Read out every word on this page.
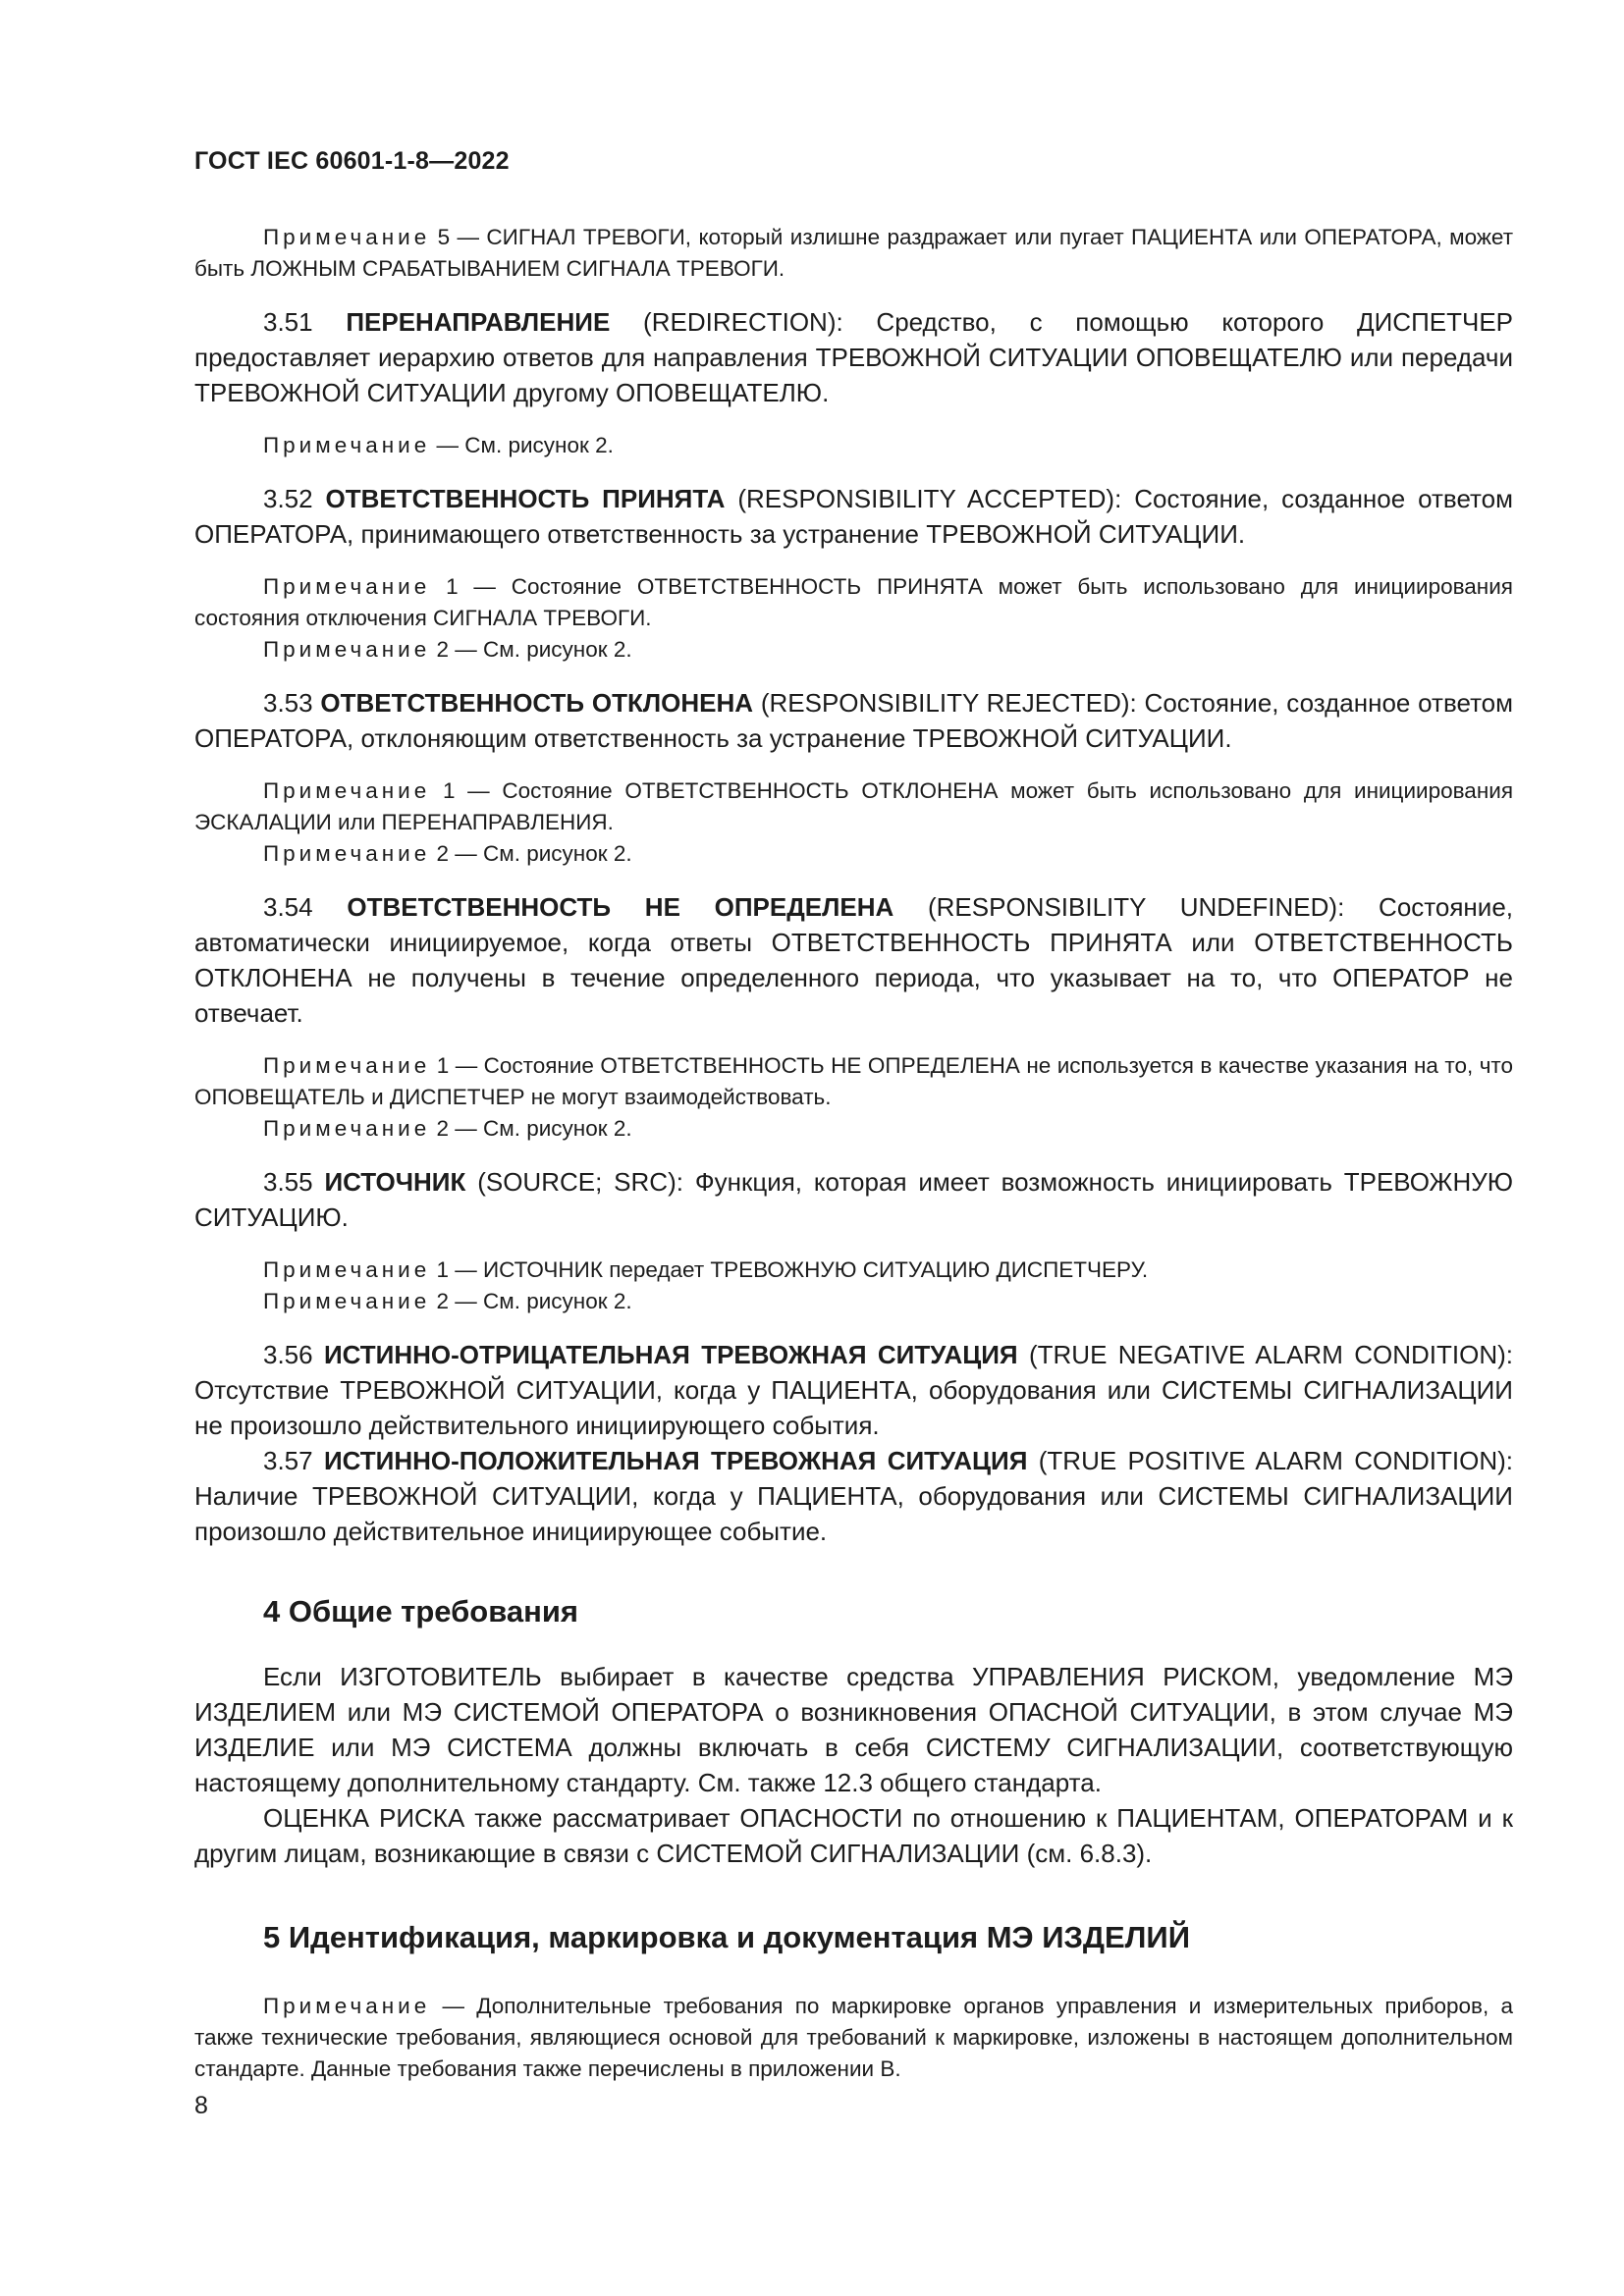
ГОСТ IEC 60601-1-8—2022

Примечание 5 — СИГНАЛ ТРЕВОГИ, который излишне раздражает или пугает ПАЦИЕНТА или ОПЕРАТОРА, может быть ЛОЖНЫМ СРАБАТЫВАНИЕМ СИГНАЛА ТРЕВОГИ.

3.51 ПЕРЕНАПРАВЛЕНИЕ (REDIRECTION): Средство, с помощью которого ДИСПЕТЧЕР предоставляет иерархию ответов для направления ТРЕВОЖНОЙ СИТУАЦИИ ОПОВЕЩАТЕЛЮ или передачи ТРЕВОЖНОЙ СИТУАЦИИ другому ОПОВЕЩАТЕЛЮ.

Примечание — См. рисунок 2.

3.52 ОТВЕТСТВЕННОСТЬ ПРИНЯТА (RESPONSIBILITY ACCEPTED): Состояние, созданное ответом ОПЕРАТОРА, принимающего ответственность за устранение ТРЕВОЖНОЙ СИТУАЦИИ.

Примечание 1 — Состояние ОТВЕТСТВЕННОСТЬ ПРИНЯТА может быть использовано для инициирования состояния отключения СИГНАЛА ТРЕВОГИ.

Примечание 2 — См. рисунок 2.

3.53 ОТВЕТСТВЕННОСТЬ ОТКЛОНЕНА (RESPONSIBILITY REJECTED): Состояние, созданное ответом ОПЕРАТОРА, отклоняющим ответственность за устранение ТРЕВОЖНОЙ СИТУАЦИИ.

Примечание 1 — Состояние ОТВЕТСТВЕННОСТЬ ОТКЛОНЕНА может быть использовано для инициирования ЭСКАЛАЦИИ или ПЕРЕНАПРАВЛЕНИЯ.

Примечание 2 — См. рисунок 2.

3.54 ОТВЕТСТВЕННОСТЬ НЕ ОПРЕДЕЛЕНА (RESPONSIBILITY UNDEFINED): Состояние, автоматически инициируемое, когда ответы ОТВЕТСТВЕННОСТЬ ПРИНЯТА или ОТВЕТСТВЕННОСТЬ ОТКЛОНЕНА не получены в течение определенного периода, что указывает на то, что ОПЕРАТОР не отвечает.

Примечание 1 — Состояние ОТВЕТСТВЕННОСТЬ НЕ ОПРЕДЕЛЕНА не используется в качестве указания на то, что ОПОВЕЩАТЕЛЬ и ДИСПЕТЧЕР не могут взаимодействовать.

Примечание 2 — См. рисунок 2.

3.55 ИСТОЧНИК (SOURCE; SRC): Функция, которая имеет возможность инициировать ТРЕВОЖНУЮ СИТУАЦИЮ.

Примечание 1 — ИСТОЧНИК передает ТРЕВОЖНУЮ СИТУАЦИЮ ДИСПЕТЧЕРУ.

Примечание 2 — См. рисунок 2.

3.56 ИСТИННО-ОТРИЦАТЕЛЬНАЯ ТРЕВОЖНАЯ СИТУАЦИЯ (TRUE NEGATIVE ALARM CONDITION): Отсутствие ТРЕВОЖНОЙ СИТУАЦИИ, когда у ПАЦИЕНТА, оборудования или СИСТЕМЫ СИГНАЛИЗАЦИИ не произошло действительного инициирующего события.

3.57 ИСТИННО-ПОЛОЖИТЕЛЬНАЯ ТРЕВОЖНАЯ СИТУАЦИЯ (TRUE POSITIVE ALARM CONDITION): Наличие ТРЕВОЖНОЙ СИТУАЦИИ, когда у ПАЦИЕНТА, оборудования или СИСТЕМЫ СИГНАЛИЗАЦИИ произошло действительное инициирующее событие.

4 Общие требования

Если ИЗГОТОВИТЕЛЬ выбирает в качестве средства УПРАВЛЕНИЯ РИСКОМ, уведомление МЭ ИЗДЕЛИЕМ или МЭ СИСТЕМОЙ ОПЕРАТОРА о возникновения ОПАСНОЙ СИТУАЦИИ, в этом случае МЭ ИЗДЕЛИЕ или МЭ СИСТЕМА должны включать в себя СИСТЕМУ СИГНАЛИЗАЦИИ, соответствующую настоящему дополнительному стандарту. См. также 12.3 общего стандарта.

ОЦЕНКА РИСКА также рассматривает ОПАСНОСТИ по отношению к ПАЦИЕНТАМ, ОПЕРАТОРАМ и к другим лицам, возникающие в связи с СИСТЕМОЙ СИГНАЛИЗАЦИИ (см. 6.8.3).

5 Идентификация, маркировка и документация МЭ ИЗДЕЛИЙ

Примечание — Дополнительные требования по маркировке органов управления и измерительных приборов, а также технические требования, являющиеся основой для требований к маркировке, изложены в настоящем дополнительном стандарте. Данные требования также перечислены в приложении В.

8
